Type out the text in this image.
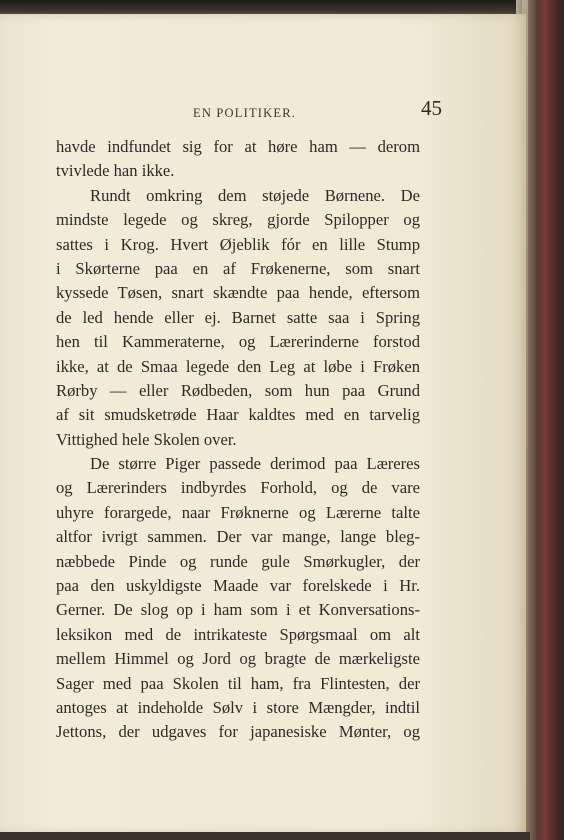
EN POLITIKER.	45
havde indfundet sig for at høre ham — derom
tvivlede han ikke.
Rundt omkring dem støjede Børnene. De
mindste legede og skreg, gjorde Spilopper og
sattes i Krog. Hvert Øjeblik fór en lille Stump
i Skørterne paa en af Frøkenerne, som snart
kyssede Tøsen, snart skændte paa hende, eftersom
de led hende eller ej. Barnet satte saa i Spring
hen til Kammeraterne, og Lærerinderne forstod
ikke, at de Smaa legede den Leg at løbe i Frøken
Rørby — eller Rødbeden, som hun paa Grund
af sit smudsketrøde Haar kaldtes med en tarvelig
Vittighed hele Skolen over.
De større Piger passede derimod paa Læreres
og Lærerinders indbyrdes Forhold, og de vare
uhyre forargede, naar Frøknerne og Lærerne talte
altfor ivrigt sammen. Der var mange, lange bleg-
næbbede Pinde og runde gule Smørkugler, der
paa den uskyldigste Maade var forelskede i Hr.
Gerner. De slog op i ham som i et Konversations-
leksikon med de intrikateste Spørgsmaal om alt
mellem Himmel og Jord og bragte de mærkeligste
Sager med paa Skolen til ham, fra Flintesten, der
antoges at indeholde Sølv i store Mængder, indtil
Jettons, der udgaves for japanesiske Mønter, og
